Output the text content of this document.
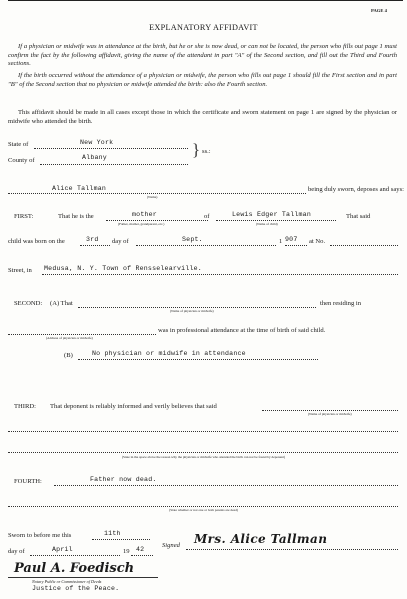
PAGE 4
EXPLANATORY AFFIDAVIT
If a physician or midwife was in attendance at the birth, but he or she is now dead, or can not be located, the person who fills out page 1 must confirm the fact by the following affidavit, giving the name of the attendant in part "A" of the Second section, and fill out the Third and Fourth sections.
If the birth occurred without the attendance of a physician or midwife, the person who fills out page 1 should fill the First section and in part "B" of the Second section that no physician or midwife attended the birth: also the Fourth section.
This affidavit should be made in all cases except those in which the certificate and sworn statement on page 1 are signed by the physician or midwife who attended the birth.
State of	New York
County of	Albany	} ss.:
Alice Tallman
(Name)
being duly sworn, deposes and says:
FIRST:	That he is the	mother	of	Lewis Edger Tallman	That said
(Father, mother, grandparent, etc.)	(Name of child)
child was born on the	3rd day of	Sept.	1 907 at No.
Street, in Medusa, N. Y. Town of Rensselearville.
SECOND: (A) That
(Name of physician or midwife)
then residing in
(Address of physician or midwife)
was in professional attendance at the time of birth of said child.
(B)	No physician or midwife in attendance
THIRD: That deponent is reliably informed and verily believes that said
(Name of physician or midwife)
(State in the space above the reason why the physician or midwife who attended the birth can not be found by deponent)
FOURTH:	Father now dead.
(State whether or not one or both parents are dead)
Sworn to before me this	11th
day of	April	19 42
Signed Mrs. Alice Tallman
Paul A. Foedisch
Notary Public or Commissioner of Deeds
Justice of the Peace.
